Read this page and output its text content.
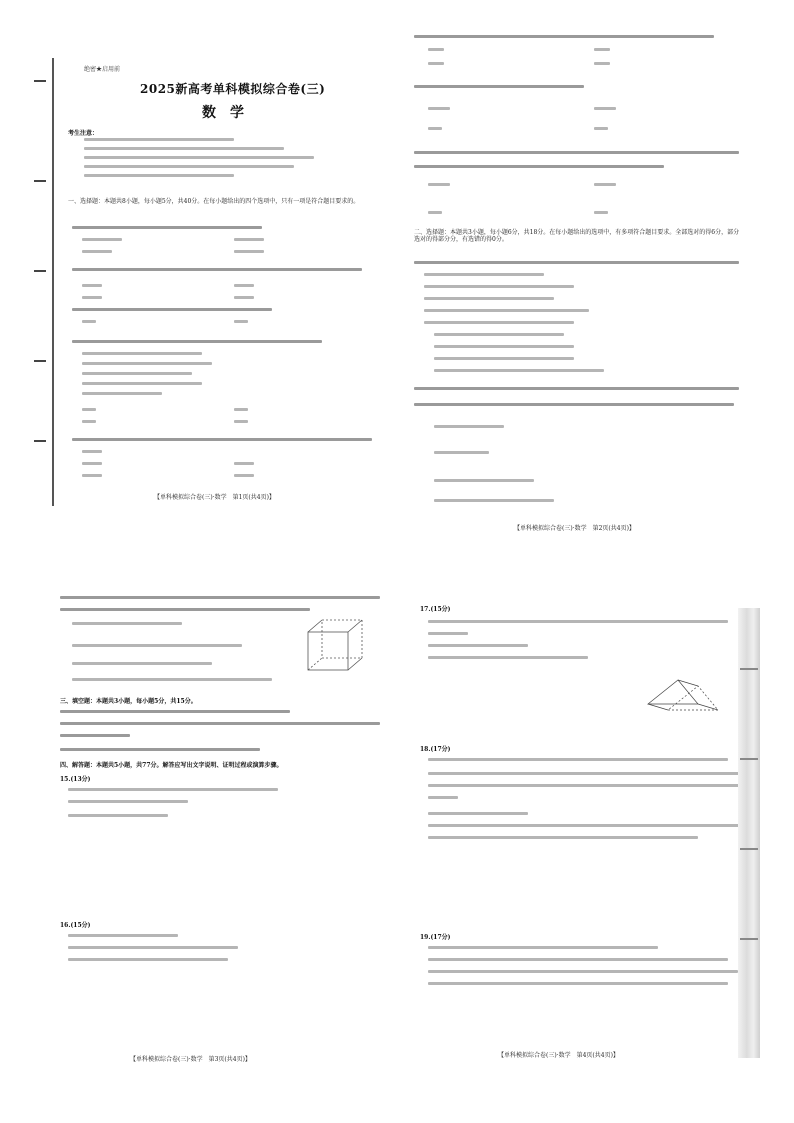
绝密★启用前
2025新高考单科模拟综合卷(三)
数学
考生注意：
一、选择题：本题共8小题，每小题5分，共40分。在每小题给出的四个选项中，只有一项是符合题目要求的。
【单科模拟综合卷(三)·数学　第1页(共4页)】
二、选择题：本题共3小题，每小题6分，共18分。在每小题给出的选项中，有多项符合题目要求。全部选对的得6分，部分选对的得部分分，有选错的得0分。
【单科模拟综合卷(三)·数学　第2页(共4页)】
三、填空题：本题共3小题，每小题5分，共15分。
四、解答题：本题共5小题，共77分。解答应写出文字说明、证明过程或演算步骤。
15.(13分)
16.(15分)
【单科模拟综合卷(三)·数学　第3页(共4页)】
17.(15分)
18.(17分)
19.(17分)
【单科模拟综合卷(三)·数学　第4页(共4页)】
